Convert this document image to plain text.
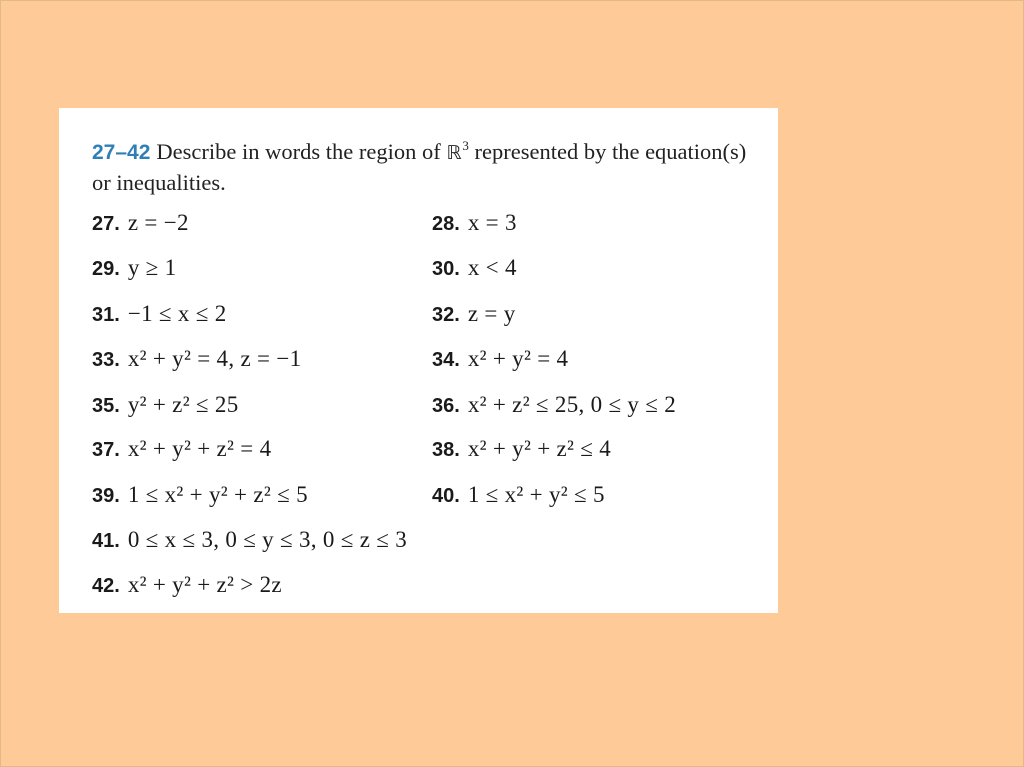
27–42 Describe in words the region of ℝ$^3$ represented by the equation(s) or inequalities.
27. z = −2	28. x = 3
29. y ≥ 1	30. x < 4
31. −1 ≤ x ≤ 2	32. z = y
33. x² + y² = 4, z = −1	34. x² + y² = 4
35. y² + z² ≤ 25	36. x² + z² ≤ 25, 0 ≤ y ≤ 2
37. x² + y² + z² = 4	38. x² + y² + z² ≤ 4
39. 1 ≤ x² + y² + z² ≤ 5	40. 1 ≤ x² + y² ≤ 5
41. 0 ≤ x ≤ 3, 0 ≤ y ≤ 3, 0 ≤ z ≤ 3
42. x² + y² + z² > 2z
